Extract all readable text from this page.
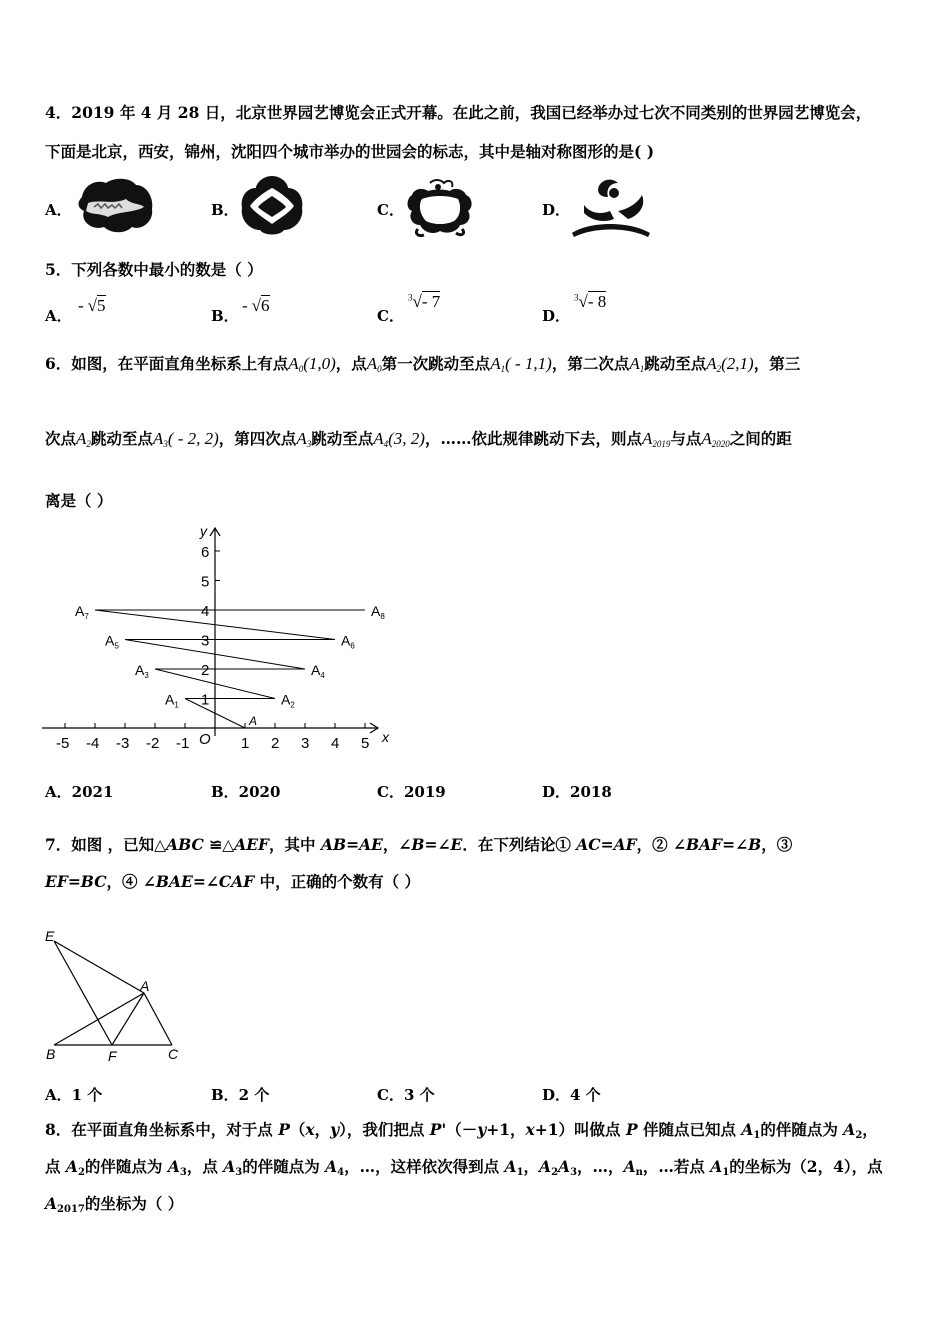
4．2019 年 4 月 28 日，北京世界园艺博览会正式开幕。在此之前，我国已经举办过七次不同类别的世界园艺博览会，
下面是北京，西安，锦州，沈阳四个城市举办的世园会的标志，其中是轴对称图形的是( )
A．	B．	C．	D．
5．下列各数中最小的数是（ ）
A．
- √5
B．
- √6
C．
$^3$√- 7
D．
$^3$√- 8
6．如图，在平面直角坐标系上有点$A_0(1,0)$，点$A_0$第一次跳动至点$A_1( - 1,1)$，第二次点$A_1$跳动至点$A_2(2,1)$，第三
次点$A_2$跳动至点$A_3( - 2$, 2)，第四次点$A_3$跳动至点$A_4(3$, 2)，……依此规律跳动下去，则点$A_{2019}$与点$A_{2020}$之间的距
离是（ ）
-5 -4 -3 -2 -1	1 2 3 4 5
1
2
3
4
5
6
A
$A_1$	$A_2$
$A_3$	$A_4$
$A_5$	$A_6$
$A_7$	$A_8$
x
y
O
A．2021	B．2020	C．2019	D．2018
7．如图 ，已知△ABC ≌△AEF，其中 AB=AE，∠B=∠E．在下列结论① AC=AF，② ∠BAF=∠B，③
EF=BC，④ ∠BAE=∠CAF 中，正确的个数有（ ）
E
A
B	F	C
A．1 个	B．2 个	C．3 个	D．4 个
8．在平面直角坐标系中，对于点 P（x，y），我们把点 P'（－y+1，x+1）叫做点 P 伴随点已知点 $A_1$的伴随点为 $A_2$，
点 $A_2$的伴随点为 $A_3$，点 $A_3$的伴随点为 $A_4$，…，这样依次得到点 $A_1$，$A_2A_3$，…，$A_n$，…若点 $A_1$的坐标为（2，4），点
$A_{2017}$的坐标为（ ）
